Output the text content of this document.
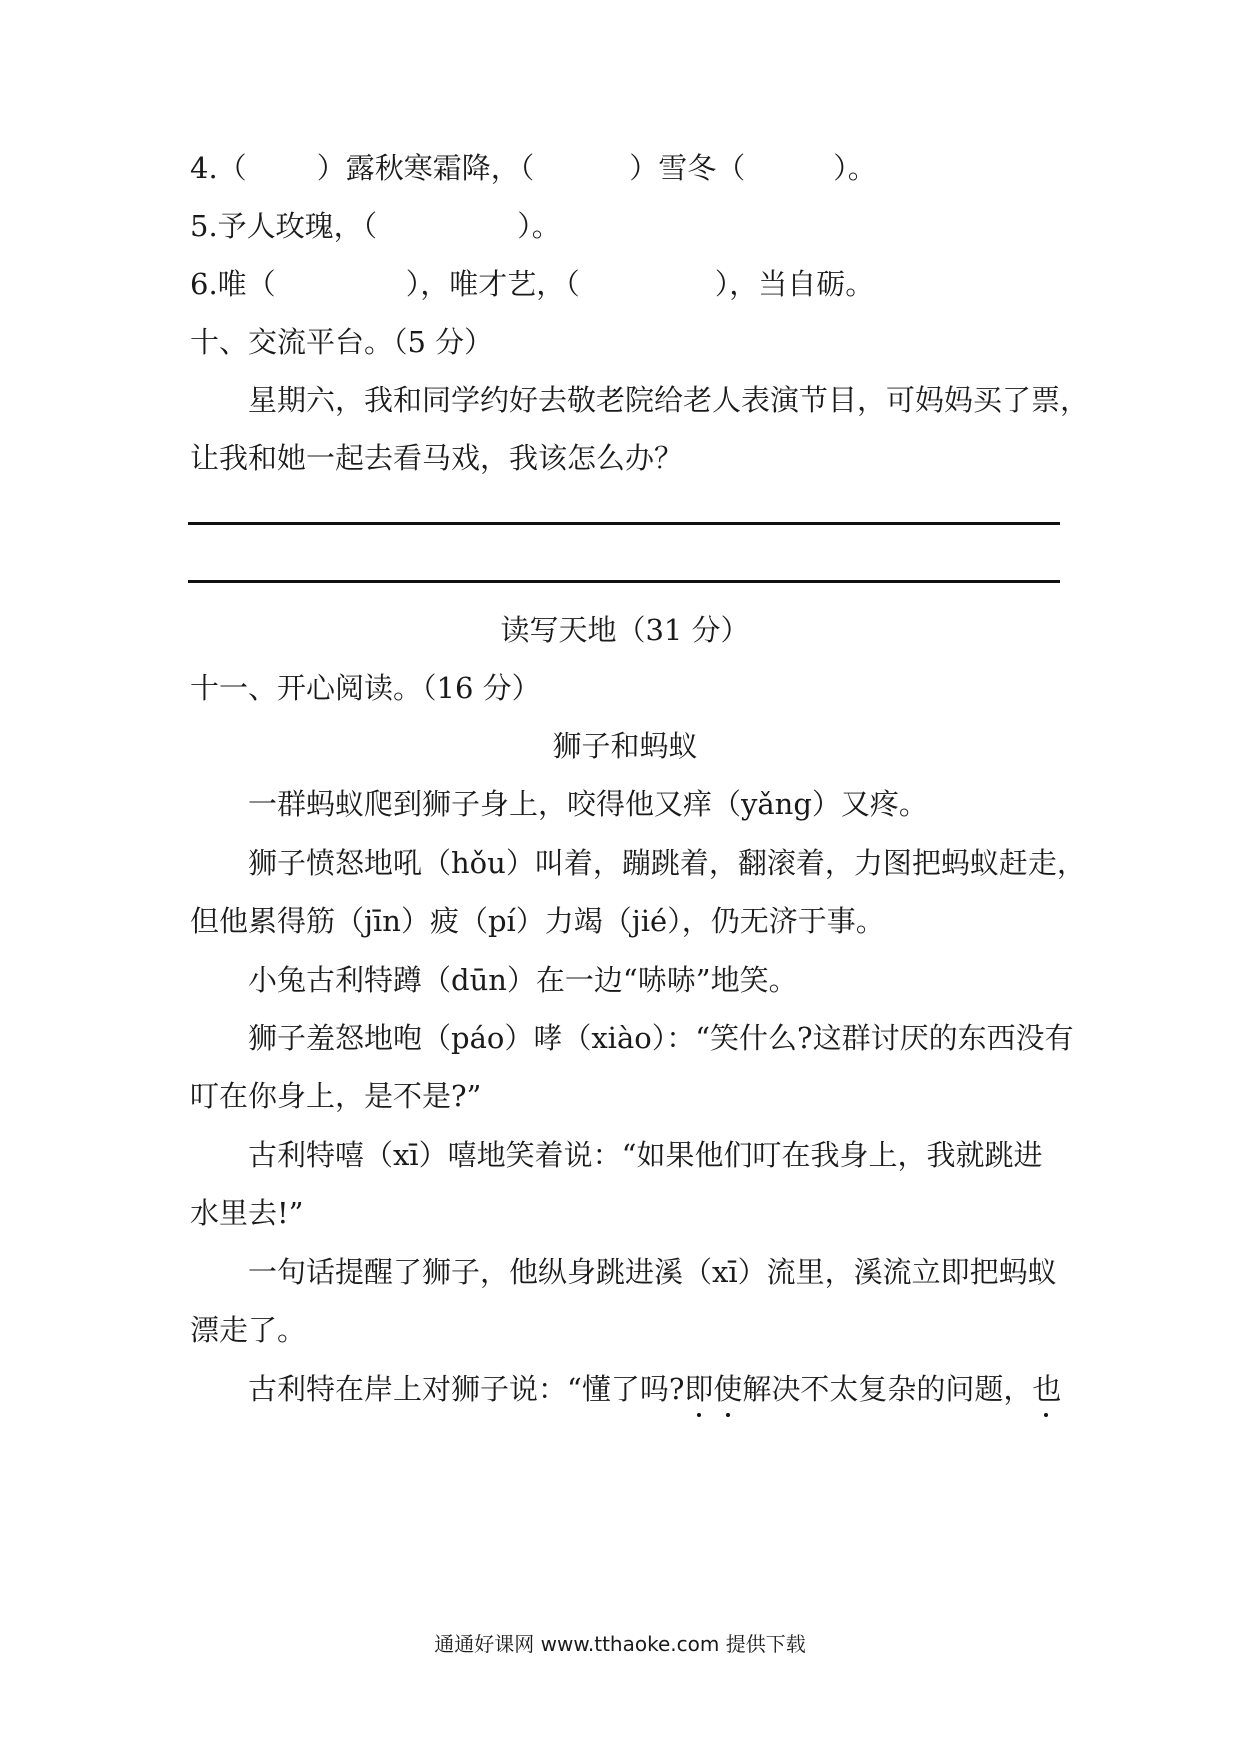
4.（ ）露秋寒霜降，（	）雪冬（	）。
5.予人玫瑰，（	）。
6.唯（	），唯才艺，（	），当自砺。
十、交流平台。（5 分）
星期六，我和同学约好去敬老院给老人表演节目，可妈妈买了票，
让我和她一起去看马戏，我该怎么办？
读写天地（31 分）
十一、开心阅读。（16 分）
狮子和蚂蚁
一群蚂蚁爬到狮子身上，咬得他又痒（yǎng）又疼。
狮子愤怒地吼（hǒu）叫着，蹦跳着，翻滚着，力图把蚂蚁赶走，
但他累得筋（jīn）疲（pí）力竭（jié），仍无济于事。
小兔古利特蹲（dūn）在一边“哧哧”地笑。
狮子羞怒地咆（páo）哮（xiào）：“笑什么?这群讨厌的东西没有
叮在你身上，是不是?”
古利特嘻（xī）嘻地笑着说：“如果他们叮在我身上，我就跳进
水里去!”
一句话提醒了狮子，他纵身跳进溪（xī）流里，溪流立即把蚂蚁
漂走了。
古利特在岸上对狮子说：“懂了吗?即使解决不太复杂的问题，也
通通好课网 www.tthaoke.com 提供下载
